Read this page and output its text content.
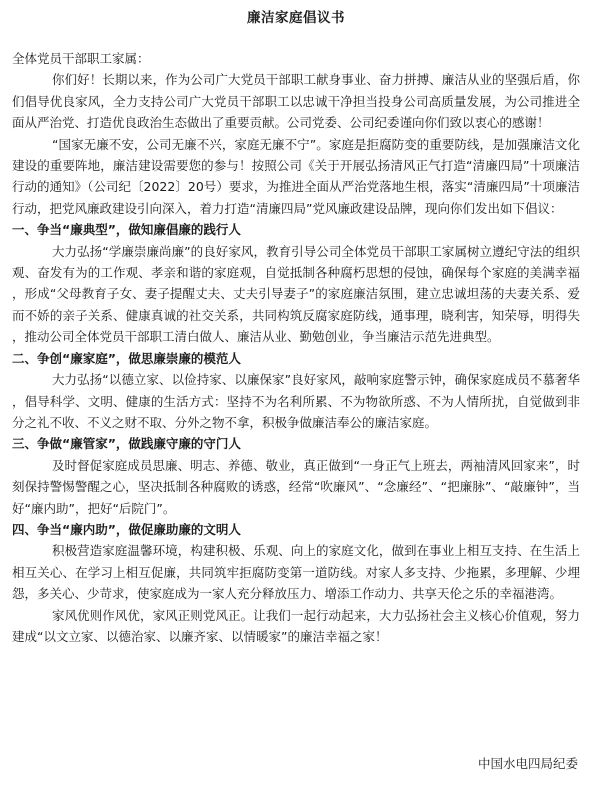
廉洁家庭倡议书

全体党员干部职工家属：

你们好！长期以来，作为公司广大党员干部职工献身事业、奋力拼搏、廉洁从业的坚强后盾，你们倡导优良家风，全力支持公司广大党员干部职工以忠诚干净担当投身公司高质量发展，为公司推进全面从严治党、打造优良政治生态做出了重要贡献。公司党委、公司纪委谨向你们致以衷心的感谢！

“国家无廉不安，公司无廉不兴，家庭无廉不宁”。家庭是拒腐防变的重要防线，是加强廉洁文化建设的重要阵地，廉洁建设需要您的参与！按照公司《关于开展弘扬清风正气打造“清廉四局”十项廉洁行动的通知》（公司纪〔2022〕20号）要求，为推进全面从严治党落地生根，落实“清廉四局”十项廉洁行动，把党风廉政建设引向深入，着力打造“清廉四局”党风廉政建设品牌，现向你们发出如下倡议：

一、争当“廉典型”，做知廉倡廉的践行人

大力弘扬“学廉崇廉尚廉”的良好家风，教育引导公司全体党员干部职工家属树立遵纪守法的组织观、奋发有为的工作观、孝亲和谐的家庭观，自觉抵制各种腐朽思想的侵蚀，确保每个家庭的美满幸福，形成“父母教育子女、妻子提醒丈夫、丈夫引导妻子”的家庭廉洁氛围，建立忠诚坦荡的夫妻关系、爱而不娇的亲子关系、健康真诚的社交关系，共同构筑反腐家庭防线，通事理，晓利害，知荣辱，明得失，推动公司全体党员干部职工清白做人、廉洁从业、勤勉创业，争当廉洁示范先进典型。

二、争创“廉家庭”，做思廉崇廉的模范人

大力弘扬“以德立家、以俭持家、以廉保家”良好家风，敲响家庭警示钟，确保家庭成员不慕奢华，倡导科学、文明、健康的生活方式：坚持不为名利所累、不为物欲所惑、不为人情所扰，自觉做到非分之礼不收、不义之财不取、分外之物不拿，积极争做廉洁奉公的廉洁家庭。

三、争做“廉管家”，做践廉守廉的守门人

及时督促家庭成员思廉、明志、养德、敬业，真正做到“一身正气上班去，两袖清风回家来”，时刻保持警惕警醒之心，坚决抵制各种腐败的诱惑，经常“吹廉风”、“念廉经”、“把廉脉”、“敲廉钟”，当好“廉内助”，把好“后院门”。

四、争当“廉内助”，做促廉助廉的文明人

积极营造家庭温馨环境，构建积极、乐观、向上的家庭文化，做到在事业上相互支持、在生活上相互关心、在学习上相互促廉，共同筑牢拒腐防变第一道防线。对家人多支持、少拖累，多理解、少埋怨，多关心、少苛求，使家庭成为一家人充分释放压力、增添工作动力、共享天伦之乐的幸福港湾。

家风优则作风优，家风正则党风正。让我们一起行动起来，大力弘扬社会主义核心价值观，努力建成“以文立家、以德治家、以廉齐家、以情暖家”的廉洁幸福之家！

中国水电四局纪委
